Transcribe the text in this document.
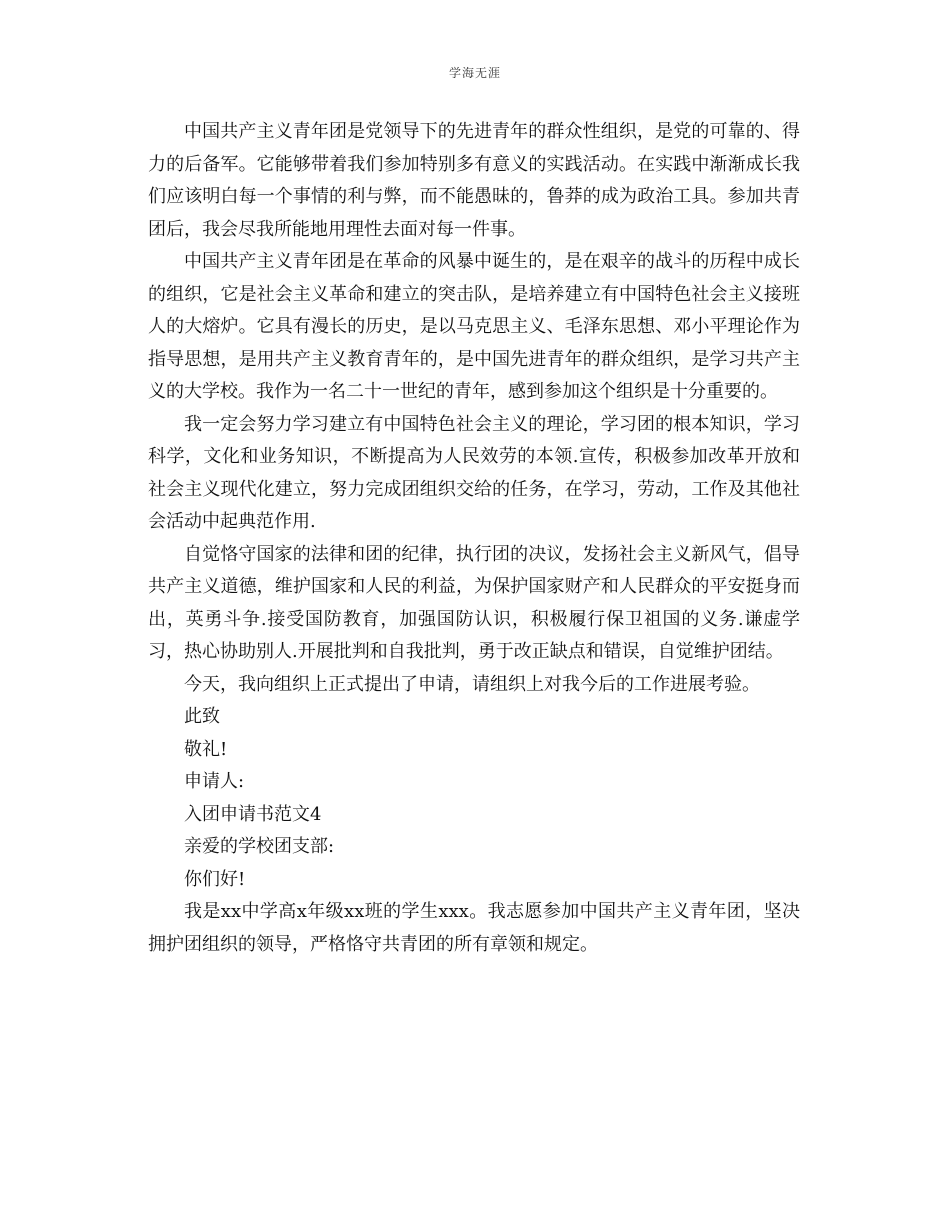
学海无涯

中国共产主义青年团是党领导下的先进青年的群众性组织，是党的可靠的、得力的后备军。它能够带着我们参加特别多有意义的实践活动。在实践中渐渐成长我们应该明白每一个事情的利与弊，而不能愚昧的，鲁莽的成为政治工具。参加共青团后，我会尽我所能地用理性去面对每一件事。

中国共产主义青年团是在革命的风暴中诞生的，是在艰辛的战斗的历程中成长的组织，它是社会主义革命和建立的突击队，是培养建立有中国特色社会主义接班人的大熔炉。它具有漫长的历史，是以马克思主义、毛泽东思想、邓小平理论作为指导思想，是用共产主义教育青年的，是中国先进青年的群众组织，是学习共产主义的大学校。我作为一名二十一世纪的青年，感到参加这个组织是十分重要的。

我一定会努力学习建立有中国特色社会主义的理论，学习团的根本知识，学习科学，文化和业务知识，不断提高为人民效劳的本领.宣传，积极参加改革开放和社会主义现代化建立，努力完成团组织交给的任务，在学习，劳动，工作及其他社会活动中起典范作用.

自觉恪守国家的法律和团的纪律，执行团的决议，发扬社会主义新风气，倡导共产主义道德，维护国家和人民的利益，为保护国家财产和人民群众的平安挺身而出，英勇斗争.接受国防教育，加强国防认识，积极履行保卫祖国的义务.谦虚学习，热心协助别人.开展批判和自我批判，勇于改正缺点和错误，自觉维护团结。

今天，我向组织上正式提出了申请，请组织上对我今后的工作进展考验。

此致

敬礼!

申请人:

入团申请书范文4

亲爱的学校团支部:

你们好!

我是xx中学高x年级xx班的学生xxx。我志愿参加中国共产主义青年团，坚决拥护团组织的领导，严格恪守共青团的所有章领和规定。
